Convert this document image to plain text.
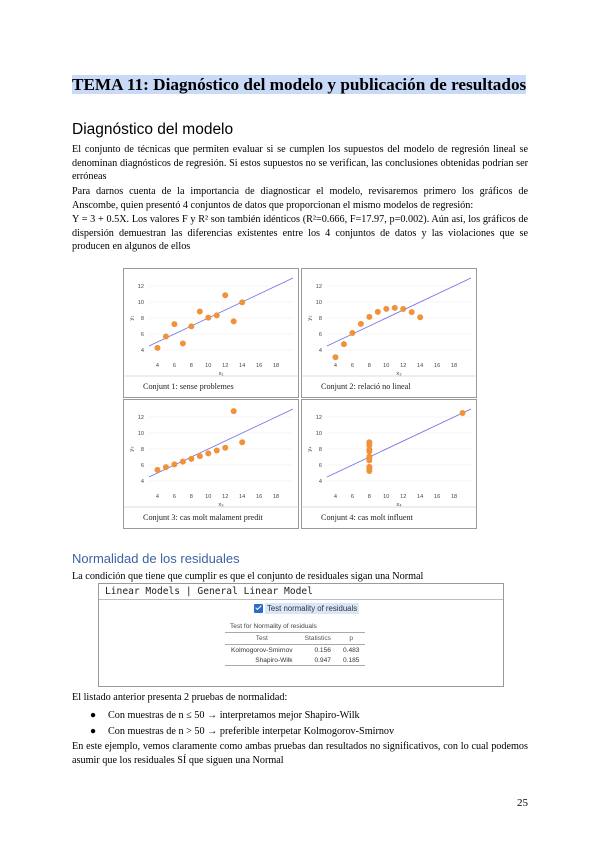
TEMA 11: Diagnóstico del modelo y publicación de resultados
Diagnóstico del modelo
El conjunto de técnicas que permiten evaluar si se cumplen los supuestos del modelo de regresión lineal se denominan diagnósticos de regresión. Si estos supuestos no se verifican, las conclusiones obtenidas podrían ser erróneas
Para darnos cuenta de la importancia de diagnosticar el modelo, revisaremos primero los gráficos de Anscombe, quien presentó 4 conjuntos de datos que proporcionan el mismo modelos de regresión:
Y = 3 + 0.5X. Los valores F y R² son también idénticos (R²=0.666, F=17.97, p=0.002). Aún así, los gráficos de dispersión demuestran las diferencias existentes entre los 4 conjuntos de datos y las violaciones que se producen en algunos de ellos
4
6
8
10
12
4 6 8 10 12 14 16 18
x₁
y₁
Conjunt 1: sense problemes
4
6
8
10
12
4 6 8 10 12 14 16 18
x₂
y₂
Conjunt 2: relació no lineal
4
6
8
10
12
4 6 8 10 12 14 16 18
x₃
y₃
Conjunt 3: cas molt malament predit
4
6
8
10
12
4 6 8 10 12 14 16 18
x₄
y₄
Conjunt 4: cas molt influent
Normalidad de los residuales
La condición que tiene que cumplir es que el conjunto de residuales sigan una Normal
Linear Models | General Linear Model
Test normality of residuals
Test for Normality of residuals
Test	Statistics	p
Kolmogorov-Smirnov	0.156	0.483
Shapiro-Wilk	0.947	0.185
El listado anterior presenta 2 pruebas de normalidad:
● Con muestras de n ≤ 50 → interpretamos mejor Shapiro-Wilk
● Con muestras de n > 50 → preferible interpetar Kolmogorov-Smirnov
En este ejemplo, vemos claramente como ambas pruebas dan resultados no significativos, con lo cual podemos asumir que los residuales SÍ que siguen una Normal
25
